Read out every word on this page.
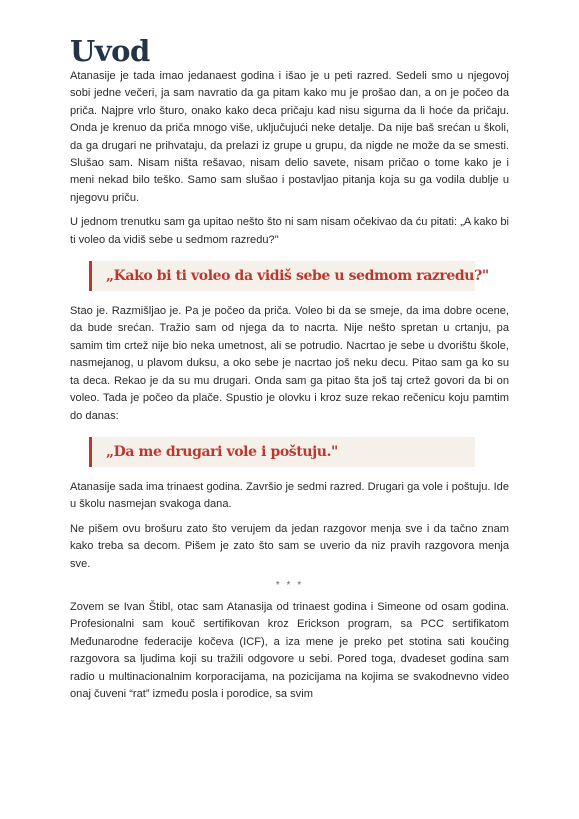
Uvod

Atanasije je tada imao jedanaest godina i išao je u peti razred. Sedeli smo u njegovoj sobi jedne večeri, ja sam navratio da ga pitam kako mu je prošao dan, a on je počeo da priča. Najpre vrlo šturo, onako kako deca pričaju kad nisu sigurna da li hoće da pričaju. Onda je krenuo da priča mnogo više, uključujući neke detalje. Da nije baš srećan u školi, da ga drugari ne prihvataju, da prelazi iz grupe u grupu, da nigde ne može da se smesti. Slušao sam. Nisam ništa rešavao, nisam delio savete, nisam pričao o tome kako je i meni nekad bilo teško. Samo sam slušao i postavljao pitanja koja su ga vodila dublje u njegovu priču.

U jednom trenutku sam ga upitao nešto što ni sam nisam očekivao da ću pitati: „A kako bi ti voleo da vidiš sebe u sedmom razredu?"

„Kako bi ti voleo da vidiš sebe u sedmom razredu?"

Stao je. Razmišljao je. Pa je počeo da priča. Voleo bi da se smeje, da ima dobre ocene, da bude srećan. Tražio sam od njega da to nacrta. Nije nešto spretan u crtanju, pa samim tim crtež nije bio neka umetnost, ali se potrudio. Nacrtao je sebe u dvorištu škole, nasmejanog, u plavom duksu, a oko sebe je nacrtao još neku decu. Pitao sam ga ko su ta deca. Rekao je da su mu drugari. Onda sam ga pitao šta još taj crtež govori da bi on voleo. Tada je počeo da plače. Spustio je olovku i kroz suze rekao rečenicu koju pamtim do danas:

„Da me drugari vole i poštuju."

Atanasije sada ima trinaest godina. Završio je sedmi razred. Drugari ga vole i poštuju. Ide u školu nasmejan svakoga dana.

Ne pišem ovu brošuru zato što verujem da jedan razgovor menja sve i da tačno znam kako treba sa decom. Pišem je zato što sam se uverio da niz pravih razgovora menja sve.

* * *

Zovem se Ivan Štibl, otac sam Atanasija od trinaest godina i Simeone od osam godina. Profesionalni sam kouč sertifikovan kroz Erickson program, sa PCC sertifikatom Međunarodne federacije kočeva (ICF), a iza mene je preko pet stotina sati koučing razgovora sa ljudima koji su tražili odgovore u sebi. Pored toga, dvadeset godina sam radio u multinacionalnim korporacijama, na pozicijama na kojima se svakodnevno video onaj čuveni “rat” između posla i porodice, sa svim
